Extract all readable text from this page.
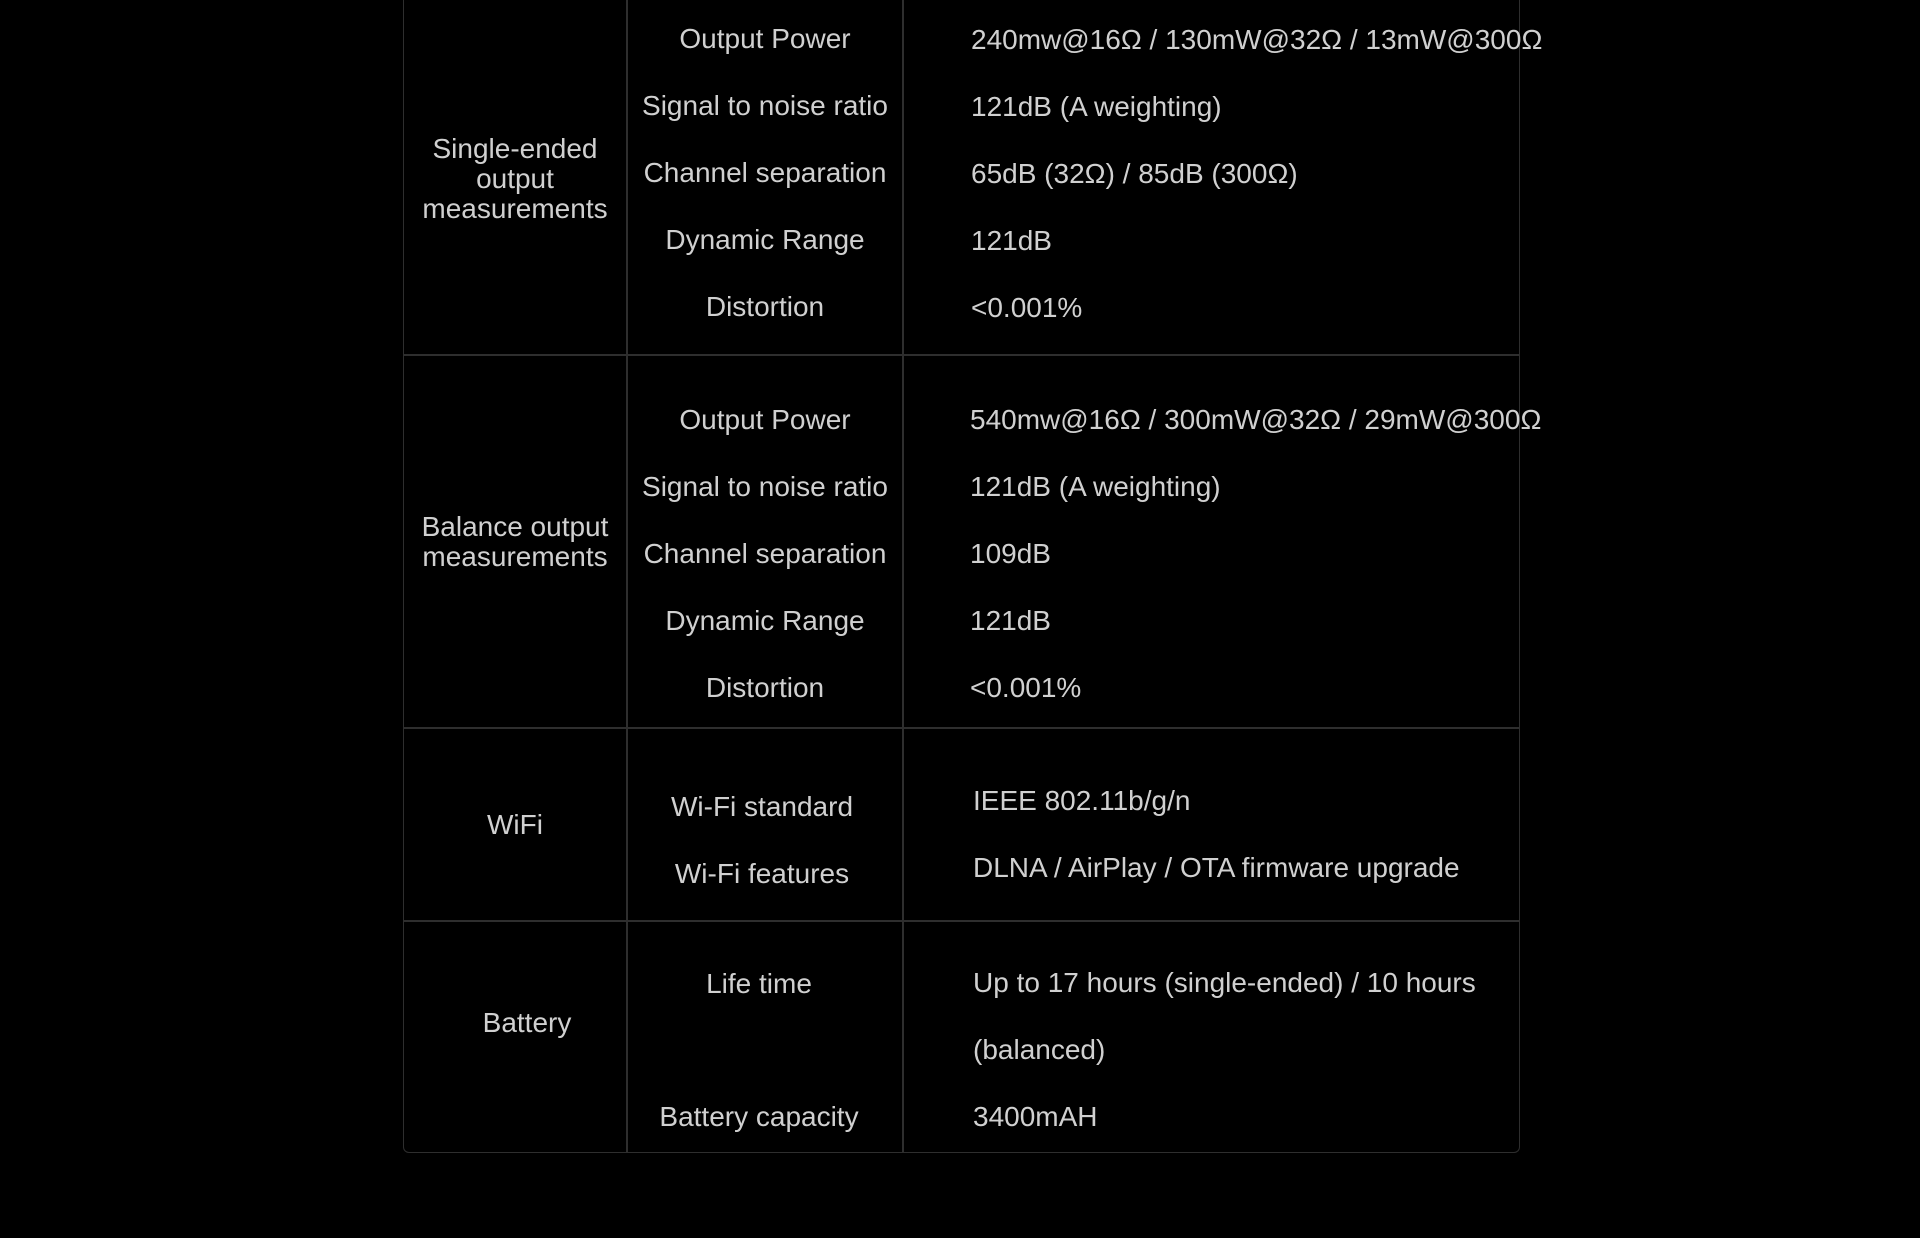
Single-ended output measurements
Output Power
Signal to noise ratio
Channel separation
Dynamic Range
Distortion
240mw@16Ω / 130mW@32Ω / 13mW@300Ω
121dB (A weighting)
65dB (32Ω) / 85dB (300Ω)
121dB
<0.001%
Balance output measurements
Output Power
Signal to noise ratio
Channel separation
Dynamic Range
Distortion
540mw@16Ω / 300mW@32Ω / 29mW@300Ω
121dB (A weighting)
109dB
121dB
<0.001%
WiFi
Wi-Fi standard
Wi-Fi features
IEEE 802.11b/g/n
DLNA / AirPlay / OTA firmware upgrade
Battery
Life time
Battery capacity
Up to 17 hours (single-ended) / 10 hours (balanced)
3400mAH
